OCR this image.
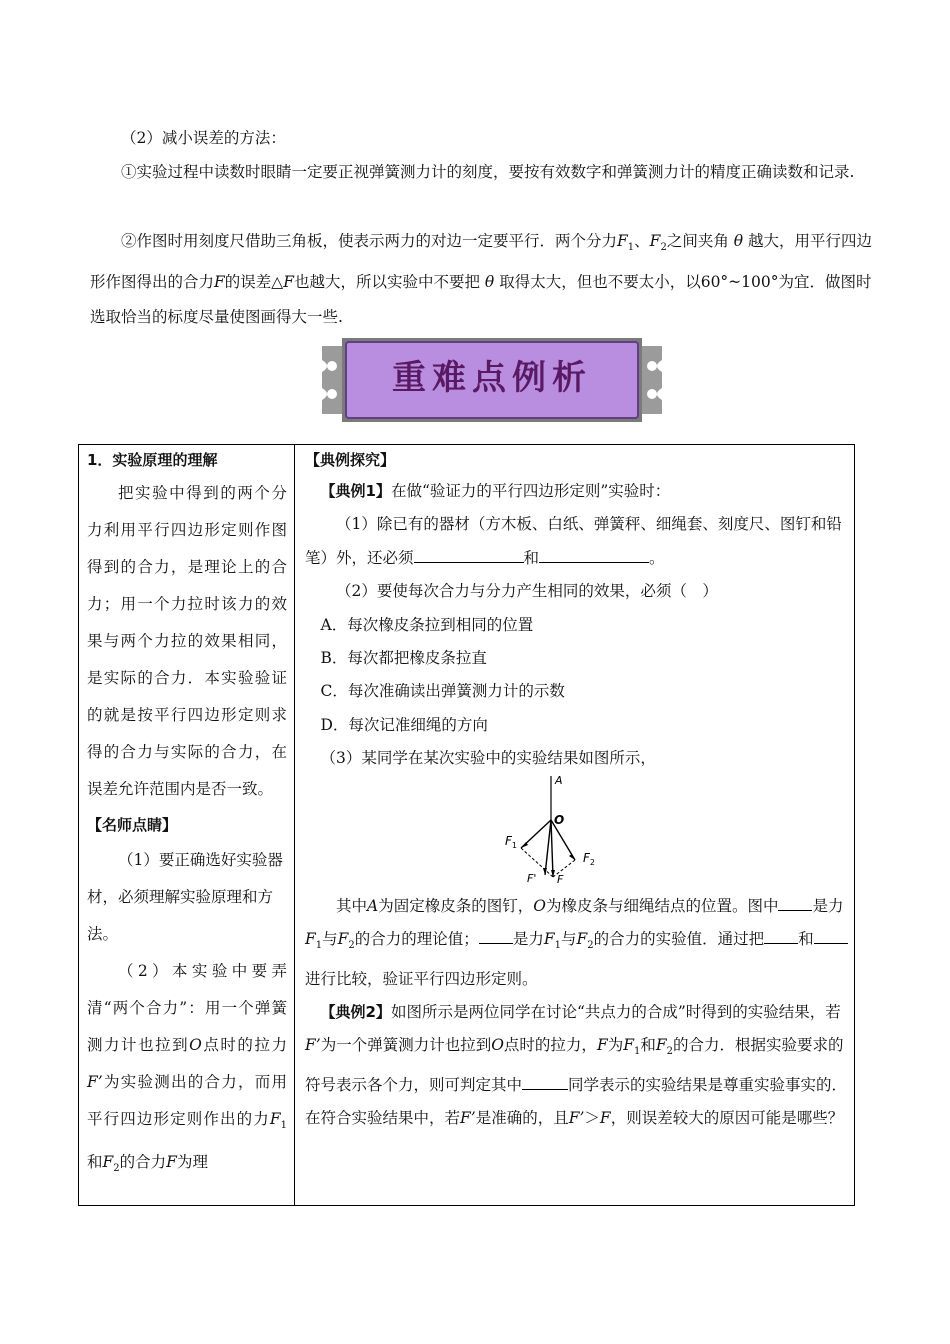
（2）减小误差的方法：

①实验过程中读数时眼睛一定要正视弹簧测力计的刻度，要按有效数字和弹簧测力计的精度正确读数和记录.

②作图时用刻度尺借助三角板，使表示两力的对边一定要平行．两个分力$F_1$、$F_2$之间夹角 θ 越大，用平行四边形作图得出的合力F的误差△F也越大，所以实验中不要把 θ 取得太大，但也不要太小，以60°~100°为宜．做图时选取恰当的标度尽量使图画得大一些.

重难点例析
1．实验原理的理解
把实验中得到的两个分力利用平行四边形定则作图得到的合力，是理论上的合力；用一个力拉时该力的效果与两个力拉的效果相同，是实际的合力．本实验验证的就是按平行四边形定则求得的合力与实际的合力，在误差允许范围内是否一致。
【名师点睛】
（1）要正确选好实验器材，必须理解实验原理和方法。
（2）本实验中要弄清“两个合力”：用一个弹簧测力计也拉到O点时的拉力F’为实验测出的合力，而用平行四边形定则作出的力$F_1$和$F_2$的合力F为理
【典例探究】
【典例1】在做“验证力的平行四边形定则”实验时：
（1）除已有的器材（方木板、白纸、弹簧秤、细绳套、刻度尺、图钉和铅笔）外，还必须	和	。
（2）要使每次合力与分力产生相同的效果，必须（　）
A．每次橡皮条拉到相同的位置
B．每次都把橡皮条拉直
C．每次准确读出弹簧测力计的示数
D．每次记准细绳的方向
（3）某同学在某次实验中的实验结果如图所示，
A
O
$F_1$
$F_2$
F' F
其中A为固定橡皮条的图钉，O为橡皮条与细绳结点的位置。图中 是力$F_1$与$F_2$的合力的理论值； 是力$F_1$与$F_2$的合力的实验值．通过把 和进行比较，验证平行四边形定则。
【典例2】如图所示是两位同学在讨论“共点力的合成”时得到的实验结果，若F’为一个弹簧测力计也拉到O点时的拉力，F为$F_1$和$F_2$的合力．根据实验要求的符号表示各个力，则可判定其中	同学表示的实验结果是尊重实验事实的．在符合实验结果中，若F’是准确的，且F’＞F，则误差较大的原因可能是哪些？
